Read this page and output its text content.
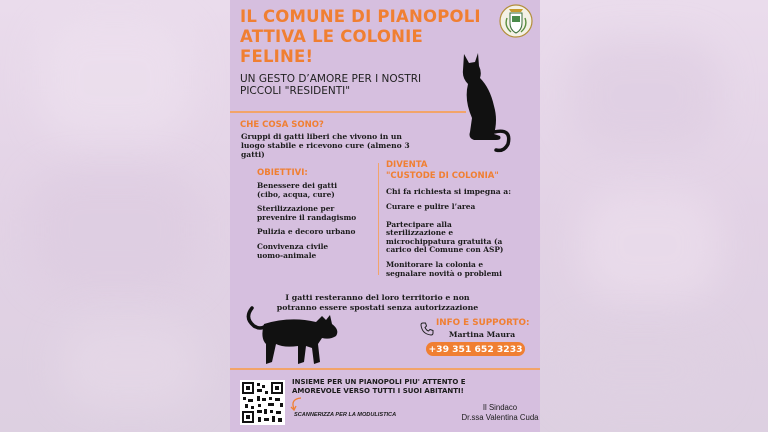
IL COMUNE DI PIANOPOLI
ATTIVA LE COLONIE
FELINE!

UN GESTO D’AMORE PER I NOSTRI
PICCOLI "RESIDENTI"

CHE COSA SONO?

Gruppi di gatti liberi che vivono in un luogo stabile e ricevono cure (almeno 3 gatti)

OBIETTIVI:

Benessere dei gatti
(cibo, acqua, cure)
Sterilizzazione per
prevenire il randagismo
Pulizia e decoro urbano
Convivenza civile
uomo-animale

DIVENTA
"CUSTODE DI COLONIA"

Chi fa richiesta si impegna a:

Curare e pulire l’area
Partecipare alla
sterilizzazione e
microchippatura gratuita (a
carico del Comune con ASP)
Monitorare la colonia e
segnalare novità o problemi

I gatti resteranno del loro territorio e non potranno essere spostati senza autorizzazione

INFO E SUPPORTO:
Martina Maura
+39 351 652 3233

INSIEME PER UN PIANOPOLI PIU' ATTENTO E
AMOREVOLE VERSO TUTTI I SUOI ABITANTI!

SCANNERIZZA PER LA MODULISTICA

Il Sindaco
Dr.ssa Valentina Cuda
